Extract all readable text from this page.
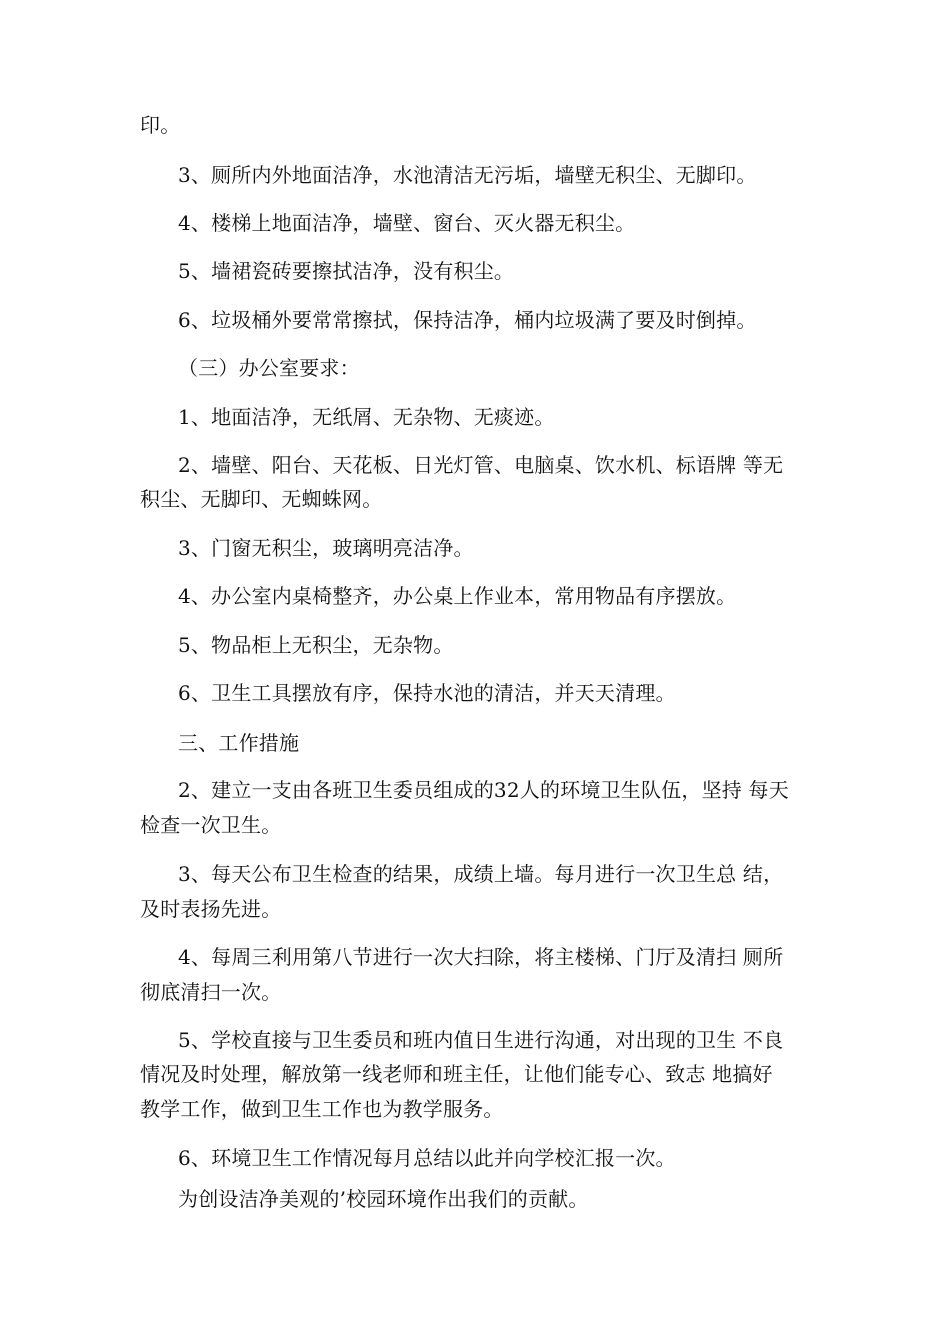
印。
3、厕所内外地面洁净，水池清洁无污垢，墙壁无积尘、无脚印。
4、楼梯上地面洁净，墙壁、窗台、灭火器无积尘。
5、墙裙瓷砖要擦拭洁净，没有积尘。
6、垃圾桶外要常常擦拭，保持洁净，桶内垃圾满了要及时倒掉。
（三）办公室要求：
1、地面洁净，无纸屑、无杂物、无痰迹。
2、墙壁、阳台、天花板、日光灯管、电脑桌、饮水机、标语牌 等无
积尘、无脚印、无蜘蛛网。
3、门窗无积尘，玻璃明亮洁净。
4、办公室内桌椅整齐，办公桌上作业本，常用物品有序摆放。
5、物品柜上无积尘，无杂物。
6、卫生工具摆放有序，保持水池的清洁，并天天清理。
三、工作措施
2、建立一支由各班卫生委员组成的32人的环境卫生队伍，坚持 每天
检查一次卫生。
3、每天公布卫生检查的结果，成绩上墙。每月进行一次卫生总 结，
及时表扬先进。
4、每周三利用第八节进行一次大扫除，将主楼梯、门厅及清扫 厕所
彻底清扫一次。
5、学校直接与卫生委员和班内值日生进行沟通，对出现的卫生 不良
情况及时处理，解放第一线老师和班主任，让他们能专心、致志 地搞好
教学工作，做到卫生工作也为教学服务。
6、环境卫生工作情况每月总结以此并向学校汇报一次。
为创设洁净美观的’校园环境作出我们的贡献。
